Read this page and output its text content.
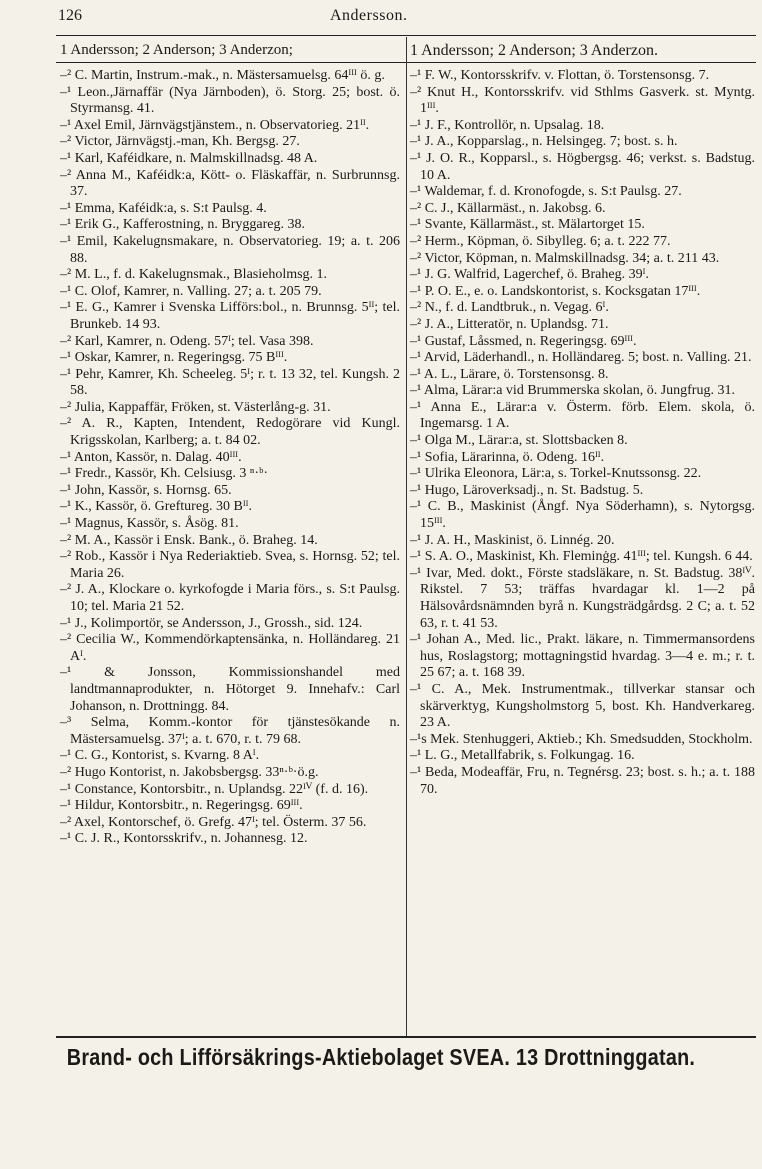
126	Andersson.
1 Andersson; 2 Anderson; 3 Anderzon;	1 Andersson; 2 Anderson; 3 Anderzon.
–² C. Martin, Instrum.-mak., n. Mästersamuelsg. 64ᴵᴵᴵ ö. g.
–¹ Leon.,Järnaffär (Nya Järnboden), ö. Storg. 25; bost. ö. Styrmansg. 41.
–¹ Axel Emil, Järnvägstjänstem., n. Observatorieg. 21ᴵᴵ.
–² Victor, Järnvägstj.-man, Kh. Bergsg. 27.
–¹ Karl, Kaféidkare, n. Malmskillnadsg. 48 A.
–² Anna M., Kaféidk:a, Kött- o. Fläskaffär, n. Surbrunnsg. 37.
–¹ Emma, Kaféidk:a, s. S:t Paulsg. 4.
–¹ Erik G., Kafferostning, n. Bryggareg. 38.
–¹ Emil, Kakelugnsmakare, n. Observatorieg. 19; a. t. 206 88.
–² M. L., f. d. Kakelugnsmak., Blasieholmsg. 1.
–¹ C. Olof, Kamrer, n. Valling. 27; a. t. 205 79.
–¹ E. G., Kamrer i Svenska Lifförs:bol., n. Brunnsg. 5ᴵᴵ; tel. Brunkeb. 14 93.
–² Karl, Kamrer, n. Odeng. 57ᴵ; tel. Vasa 398.
–¹ Oskar, Kamrer, n. Regeringsg. 75 Bᴵᴵᴵ.
–¹ Pehr, Kamrer, Kh. Scheeleg. 5ᴵ; r. t. 13 32, tel. Kungsh. 2 58.
–² Julia, Kappaffär, Fröken, st. Västerlång-g. 31.
–² A. R., Kapten, Intendent, Redogörare vid Kungl. Krigsskolan, Karlberg; a. t. 84 02.
–¹ Anton, Kassör, n. Dalag. 40ᴵᴵᴵ.
–¹ Fredr., Kassör, Kh. Celsiusg. 3 ⁿ·ᵇ·
–¹ John, Kassör, s. Hornsg. 65.
–¹ K., Kassör, ö. Greftureg. 30 Bᴵᴵ.
–¹ Magnus, Kassör, s. Åsög. 81.
–² M. A., Kassör i Ensk. Bank., ö. Braheg. 14.
–² Rob., Kassör i Nya Rederiaktieb. Svea, s. Hornsg. 52; tel. Maria 26.
–² J. A., Klockare o. kyrkofogde i Maria förs., s. S:t Paulsg. 10; tel. Maria 21 52.
–¹ J., Kolimportör, se Andersson, J., Grossh., sid. 124.
–² Cecilia W., Kommendörkaptensänka, n. Holländareg. 21 Aᴵ.
–¹ & Jonsson, Kommissionshandel med landtmannaprodukter, n. Hötorget 9. Innehafv.: Carl Johanson, n. Drottningg. 84.
–³ Selma, Komm.-kontor för tjänstesökande n. Mästersamuelsg. 37ᴵ; a. t. 670, r. t. 79 68.
–¹ C. G., Kontorist, s. Kvarng. 8 Aᴵ.
–² Hugo Kontorist, n. Jakobsbergsg. 33ⁿ·ᵇ·ö.g.
–¹ Constance, Kontorsbitr., n. Uplandsg. 22ᴵⱽ (f. d. 16).
–¹ Hildur, Kontorsbitr., n. Regeringsg. 69ᴵᴵᴵ.
–² Axel, Kontorschef, ö. Grefg. 47ᴵ; tel. Österm. 37 56.
–¹ C. J. R., Kontorsskrifv., n. Johannesg. 12.
–¹ F. W., Kontorsskrifv. v. Flottan, ö. Torstensonsg. 7.
–² Knut H., Kontorsskrifv. vid Sthlms Gasverk. st. Myntg. 1ᴵᴵᴵ.
–¹ J. F., Kontrollör, n. Upsalag. 18.
–¹ J. A., Kopparslag., n. Helsingeg. 7; bost. s. h.
–¹ J. O. R., Kopparsl., s. Högbergsg. 46; verkst. s. Badstug. 10 A.
–¹ Waldemar, f. d. Kronofogde, s. S:t Paulsg. 27.
–² C. J., Källarmäst., n. Jakobsg. 6.
–¹ Svante, Källarmäst., st. Mälartorget 15.
–² Herm., Köpman, ö. Sibylleg. 6; a. t. 222 77.
–² Victor, Köpman, n. Malmskillnadsg. 34; a. t. 211 43.
–¹ J. G. Walfrid, Lagerchef, ö. Braheg. 39ᴵ.
–¹ P. O. E., e. o. Landskontorist, s. Kocksgatan 17ᴵᴵᴵ.
–² N., f. d. Landtbruk., n. Vegag. 6ᴵ.
–² J. A., Litteratör, n. Uplandsg. 71.
–¹ Gustaf, Låssmed, n. Regeringsg. 69ᴵᴵᴵ.
–¹ Arvid, Läderhandl., n. Holländareg. 5; bost. n. Valling. 21.
–¹ A. L., Lärare, ö. Torstensonsg. 8.
–¹ Alma, Lärar:a vid Brummerska skolan, ö. Jungfrug. 31.
–¹ Anna E., Lärar:a v. Österm. förb. Elem. skola, ö. Ingemarsg. 1 A.
–¹ Olga M., Lärar:a, st. Slottsbacken 8.
–¹ Sofia, Lärarinna, ö. Odeng. 16ᴵᴵ.
–¹ Ulrika Eleonora, Lär:a, s. Torkel-Knutssonsg. 22.
–¹ Hugo, Läroverksadj., n. St. Badstug. 5.
–¹ C. B., Maskinist (Ångf. Nya Söderhamn), s. Nytorgsg. 15ᴵᴵᴵ.
–¹ J. A. H., Maskinist, ö. Linnég. 20.
–¹ S. A. O., Maskinist, Kh. Fleminġg. 41ᴵᴵᴵ; tel. Kungsh. 6 44.
–¹ Ivar, Med. dokt., Förste stadsläkare, n. St. Badstug. 38ᴵⱽ. Rikstel. 7 53; träffas hvardagar kl. 1—2 på Hälsovårdsnämnden byrå n. Kungsträdgårdsg. 2 C; a. t. 52 63, r. t. 41 53.
–¹ Johan A., Med. lic., Prakt. läkare, n. Timmermansordens hus, Roslagstorg; mottagningstid hvardag. 3—4 e. m.; r. t. 25 67; a. t. 168 39.
–¹ C. A., Mek. Instrumentmak., tillverkar stansar och skärverktyg, Kungsholmstorg 5, bost. Kh. Handverkareg. 23 A.
–¹s Mek. Stenhuggeri, Aktieb.; Kh. Smedsudden, Stockholm.
–¹ L. G., Metallfabrik, s. Folkungag. 16.
–¹ Beda, Modeaffär, Fru, n. Tegnérsg. 23; bost. s. h.; a. t. 188 70.
Brand- och Lifförsäkrings-Aktiebolaget SVEA. 13 Drottninggatan.
